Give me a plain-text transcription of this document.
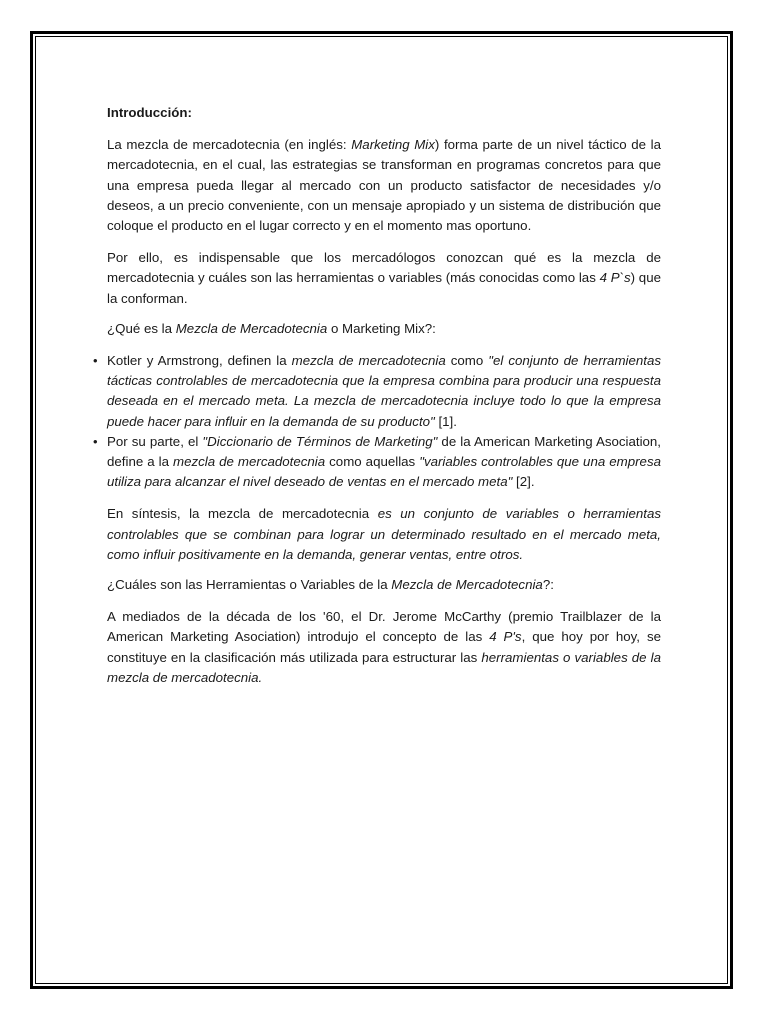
Introducción:

La mezcla de mercadotecnia (en inglés: Marketing Mix) forma parte de un nivel táctico de la mercadotecnia, en el cual, las estrategias se transforman en programas concretos para que una empresa pueda llegar al mercado con un producto satisfactor de necesidades y/o deseos, a un precio conveniente, con un mensaje apropiado y un sistema de distribución que coloque el producto en el lugar correcto y en el momento mas oportuno.

Por ello, es indispensable que los mercadólogos conozcan qué es la mezcla de mercadotecnia y cuáles son las herramientas o variables (más conocidas como las 4 P`s) que la conforman.

¿Qué es la Mezcla de Mercadotecnia o Marketing Mix?:

• Kotler y Armstrong, definen la mezcla de mercadotecnia como "el conjunto de herramientas tácticas controlables de mercadotecnia que la empresa combina para producir una respuesta deseada en el mercado meta. La mezcla de mercadotecnia incluye todo lo que la empresa puede hacer para influir en la demanda de su producto" [1].
• Por su parte, el "Diccionario de Términos de Marketing" de la American Marketing Asociation, define a la mezcla de mercadotecnia como aquellas "variables controlables que una empresa utiliza para alcanzar el nivel deseado de ventas en el mercado meta" [2].

En síntesis, la mezcla de mercadotecnia es un conjunto de variables o herramientas controlables que se combinan para lograr un determinado resultado en el mercado meta, como influir positivamente en la demanda, generar ventas, entre otros.

¿Cuáles son las Herramientas o Variables de la Mezcla de Mercadotecnia?:

A mediados de la década de los '60, el Dr. Jerome McCarthy (premio Trailblazer de la American Marketing Asociation) introdujo el concepto de las 4 P's, que hoy por hoy, se constituye en la clasificación más utilizada para estructurar las herramientas o variables de la mezcla de mercadotecnia.
